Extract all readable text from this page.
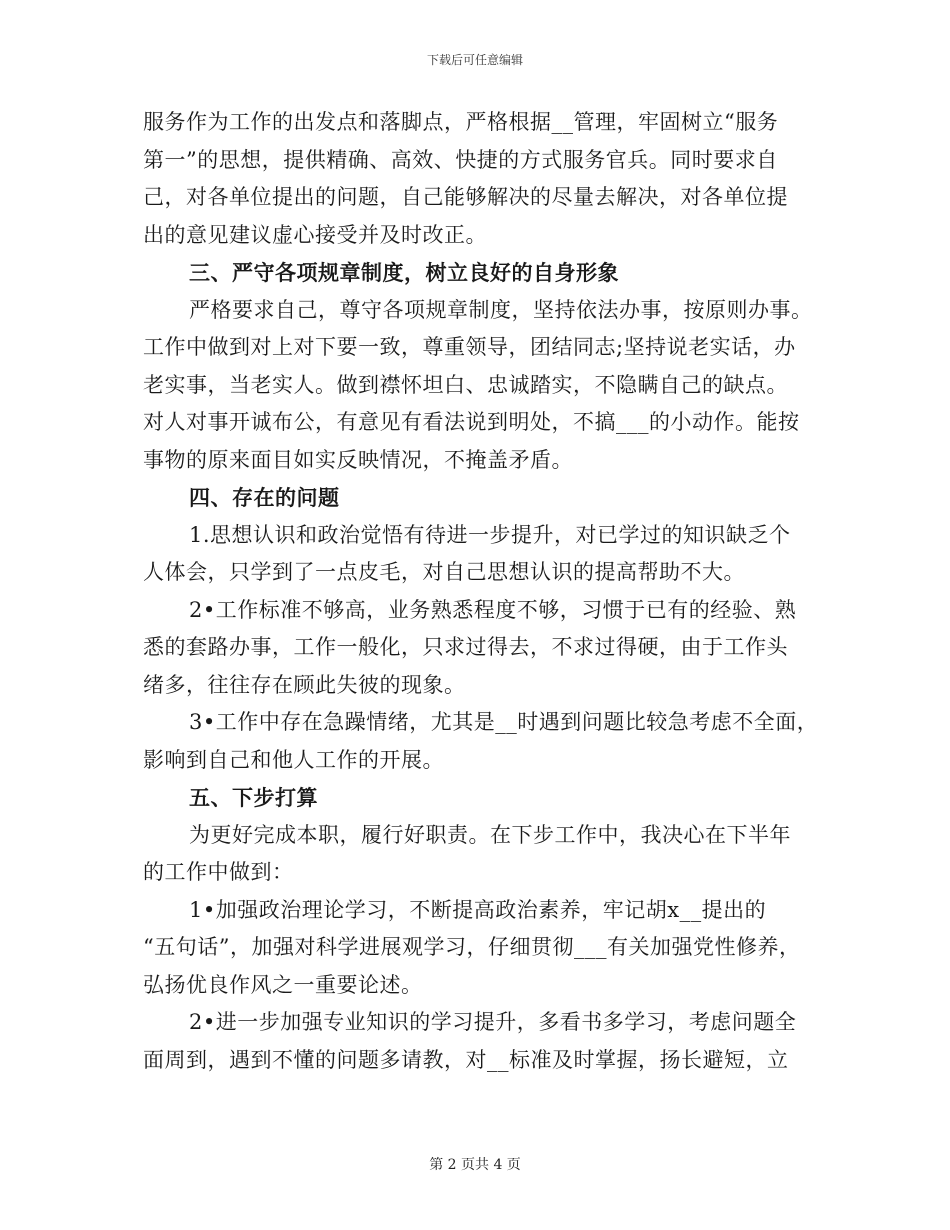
下载后可任意编辑
服务作为工作的出发点和落脚点，严格根据__管理，牢固树立“服务
第一”的思想，提供精确、高效、快捷的方式服务官兵。同时要求自
己，对各单位提出的问题，自己能够解决的尽量去解决，对各单位提
出的意见建议虚心接受并及时改正。
三、严守各项规章制度，树立良好的自身形象
严格要求自己，尊守各项规章制度，坚持依法办事，按原则办事。
工作中做到对上对下要一致，尊重领导，团结同志;坚持说老实话，办
老实事，当老实人。做到襟怀坦白、忠诚踏实，不隐瞒自己的缺点。
对人对事开诚布公，有意见有看法说到明处，不搞___的小动作。能按
事物的原来面目如实反映情况，不掩盖矛盾。
四、存在的问题
1.思想认识和政治觉悟有待进一步提升，对已学过的知识缺乏个
人体会，只学到了一点皮毛，对自己思想认识的提高帮助不大。
2•工作标准不够高，业务熟悉程度不够，习惯于已有的经验、熟
悉的套路办事，工作一般化，只求过得去，不求过得硬，由于工作头
绪多，往往存在顾此失彼的现象。
3•工作中存在急躁情绪，尤其是__时遇到问题比较急考虑不全面，
影响到自己和他人工作的开展。
五、下步打算
为更好完成本职，履行好职责。在下步工作中，我决心在下半年
的工作中做到：
1•加强政治理论学习，不断提高政治素养，牢记胡x__提出的
“五句话”，加强对科学进展观学习，仔细贯彻___有关加强党性修养，
弘扬优良作风之一重要论述。
2•进一步加强专业知识的学习提升，多看书多学习，考虑问题全
面周到，遇到不懂的问题多请教，对__标准及时掌握，扬长避短，立
第 2 页共 4 页
